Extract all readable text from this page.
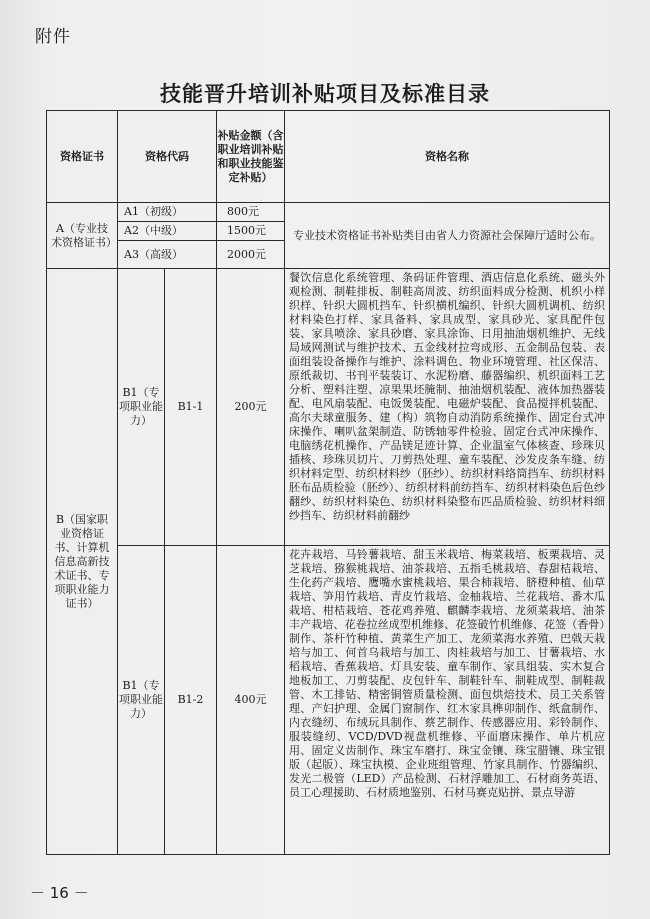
附件
技能晋升培训补贴项目及标准目录
资格证书	资格代码		补贴金额（含职业培训补贴和职业技能鉴定补贴）	资格名称
A（专业技术资格证书）	A1（初级）		800元	专业技术资格证书补贴类目由省人力资源社会保障厅适时公布。
	A2（中级）		1500元	
	A3（高级）		2000元	
B（国家职业资格证书、计算机信息高新技术证书、专项职业能力证书）	B1（专项职业能力）	B1-1	200元	餐饮信息化系统管理、条码证件管理、酒店信息化系统、磁头外观检测、制鞋排板、制鞋高周波、纺织面料成分检测、机织小样织样、针织大圆机挡车、针织横机编织、针织大圆机调机、纺织材料染色打样、家具备料、家具成型、家具砂光、家具配件包装、家具喷涂、家具砂磨、家具涂饰、日用抽油烟机维护、无线局域网测试与维护技术、五金线材拉弯成形、五金制品包装、表面组装设备操作与维护、涂料调色、物业环境管理、社区保洁、原纸裁切、书刊平装装订、水泥粉磨、藤器编织、机织面料工艺分析、塑料注塑、凉果果坯腌制、抽油烟机装配、液体加热器装配、电风扇装配、电饭煲装配、电磁炉装配、食品搅拌机装配、高尔夫球童服务、建（构）筑物自动消防系统操作、固定台式冲床操作、喇叭盆架制造、防锈轴零件检验、固定台式冲床操作、电脑绣花机操作、产品镁足迹计算、企业温室气体核查、珍珠贝插核、珍珠贝切片、刀剪热处理、童车装配、沙发皮条车缝、纺织材料定型、纺织材料纱（胚纱）、纺织材料络筒挡车、纺织材料胚布品质检验（胚纱）、纺织材料前纺挡车、纺织材料染色后色纱翻纱、纺织材料染色、纺织材料染整布匹品质检验、纺织材料细纱挡车、纺织材料前翻纱
	B1（专项职业能力）	B1-2	400元	花卉栽培、马铃薯栽培、甜玉米栽培、梅菜栽培、板栗栽培、灵芝栽培、猕猴桃栽培、油茶栽培、五指毛桃栽培、春甜桔栽培、生化药产栽培、鹰嘴水蜜桃栽培、果合柿栽培、脐橙种植、仙草栽培、笋用竹栽培、青皮竹栽培、金柚栽培、兰花栽培、番木瓜栽培、柑桔栽培、苍花鸡养殖、麒麟李栽培、龙须菜栽培、油茶丰产栽培、花卷拉丝成型机维修、花签破竹机维修、花签（香骨）制作、茶杆竹种植、黄菜生产加工、龙须菜海水养殖、巴戟天栽培与加工、何首乌栽培与加工、肉桂栽培与加工、甘薯栽培、水稻栽培、香蕉栽培、灯具安装、童车制作、家具组装、实木复合地板加工、刀剪装配、皮包针车、制鞋针车、制鞋成型、制鞋裁管、木工排钻、精密铜管质量检测、面包烘焙技术、员工关系管理、产妇护理、金属门窗制作、红木家具榫卯制作、纸盒制作、内衣缝纫、布绒玩具制作、蔡艺制作、传感器应用、彩铃制作、服装缝纫、VCD/DVD视盘机维修、平面磨床操作、单片机应用、固定义齿制作、珠宝车磨打、珠宝金镶、珠宝腊镶、珠宝银版（起版）、珠宝执模、企业班组管理、竹家具制作、竹器编织、发光二极管（LED）产品检测、石材浮雕加工、石材商务英语、员工心理援助、石材质地鉴别、石材马赛克贴拼、景点导游
－ 16 －
